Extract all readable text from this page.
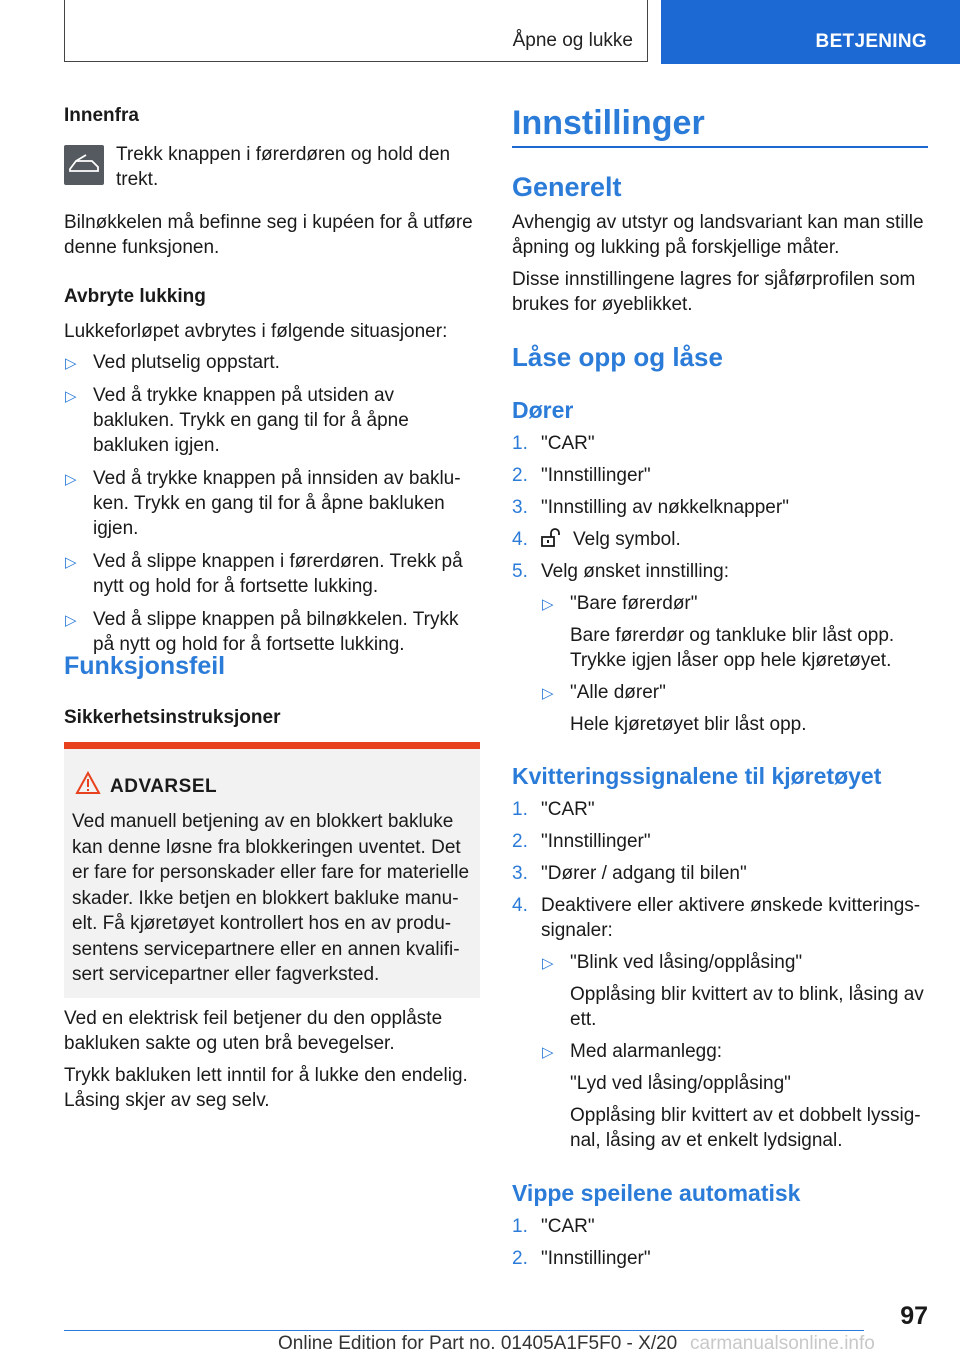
Åpne og lukke	BETJENING
Innenfra

Trekk knappen i førerdøren og hold den trekt.

Bilnøkkelen må befinne seg i kupéen for å utføre denne funksjonen.

Avbryte lukking

Lukkeforløpet avbrytes i følgende situasjoner:

▷ Ved plutselig oppstart.
▷ Ved å trykke knappen på utsiden av bakluken. Trykk en gang til for å åpne bakluken igjen.
▷ Ved å trykke knappen på innsiden av bakluken. Trykk en gang til for å åpne bakluken igjen.
▷ Ved å slippe knappen i førerdøren. Trekk på nytt og hold for å fortsette lukking.
▷ Ved å slippe knappen på bilnøkkelen. Trykk på nytt og hold for å fortsette lukking.
Funksjonsfeil
Sikkerhetsinstruksjoner
ADVARSEL
Ved manuell betjening av en blokkert bakluke kan denne løsne fra blokkeringen uventet. Det er fare for personskader eller fare for materielle skader. Ikke betjen en blokkert bakluke manuelt. Få kjøretøyet kontrollert hos en av produsentens servicepartnere eller en annen kvalifisert servicepartner eller fagverksted.

Ved en elektrisk feil betjener du den opplåste bakluken sakte og uten brå bevegelser.

Trykk bakluken lett inntil for å lukke den endelig. Låsing skjer av seg selv.

Innstillinger
Generelt

Avhengig av utstyr og landsvariant kan man stille åpning og lukking på forskjellige måter.

Disse innstillingene lagres for sjåførprofilen som brukes for øyeblikket.

Låse opp og låse
Dører
1. "CAR"
2. "Innstillinger"
3. "Innstilling av nøkkelknapper"
4. Velg symbol.
5. Velg ønsket innstilling:
▷ "Bare førerdør"
Bare førerdør og tankluke blir låst opp. Trykke igjen låser opp hele kjøretøyet.
▷ "Alle dører"
Hele kjøretøyet blir låst opp.
Kvitteringssignalene til kjøretøyet
1. "CAR"
2. "Innstillinger"
3. "Dører / adgang til bilen"
4. Deaktivere eller aktivere ønskede kvitteringssignaler:
▷ "Blink ved låsing/opplåsing"
Opplåsing blir kvittert av to blink, låsing av ett.
▷ Med alarmanlegg:
"Lyd ved låsing/opplåsing"
Opplåsing blir kvittert av et dobbelt lyssignal, låsing av et enkelt lydsignal.
Vippe speilene automatisk
1. "CAR"
2. "Innstillinger"
97
Online Edition for Part no. 01405A1F5F0 - X/20 carmanualsonline.info
